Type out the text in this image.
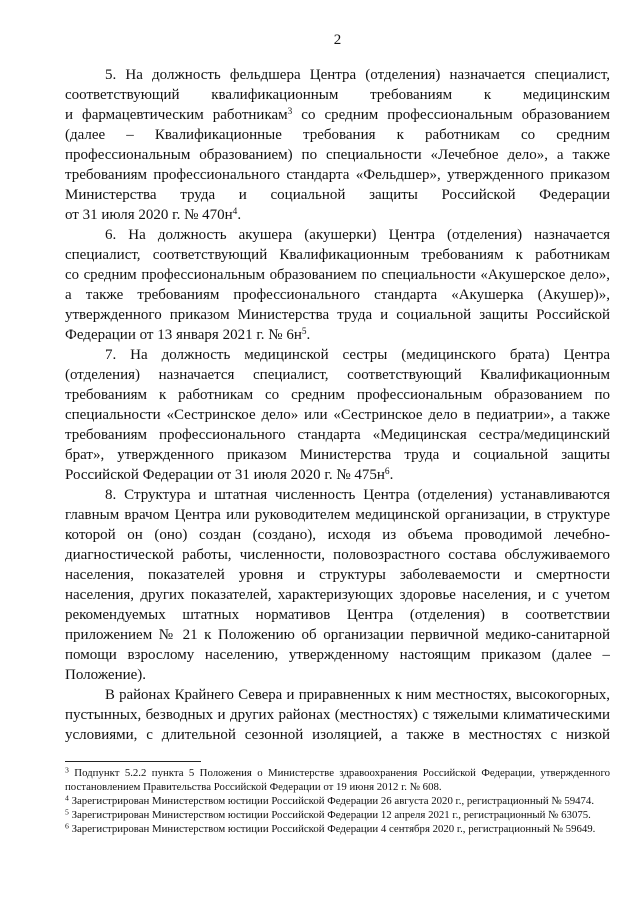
2
5. На должность фельдшера Центра (отделения) назначается специалист,
соответствующий квалификационным требованиям к медицинским
и фармацевтическим работникам$^3$ со средним профессиональным образованием
(далее – Квалификационные требования к работникам со средним
профессиональным образованием) по специальности «Лечебное дело», а также
требованиям профессионального стандарта «Фельдшер», утвержденного приказом
Министерства труда и социальной защиты Российской Федерации
от 31 июля 2020 г. № 470н$^4$.
6. На должность акушера (акушерки) Центра (отделения) назначается
специалист, соответствующий Квалификационным требованиям к работникам
со средним профессиональным образованием по специальности «Акушерское дело»,
а также требованиям профессионального стандарта «Акушерка (Акушер)»,
утвержденного приказом Министерства труда и социальной защиты Российской
Федерации от 13 января 2021 г. № 6н$^5$.
7. На должность медицинской сестры (медицинского брата) Центра
(отделения) назначается специалист, соответствующий Квалификационным
требованиям к работникам со средним профессиональным образованием по
специальности «Сестринское дело» или «Сестринское дело в педиатрии», а также
требованиям профессионального стандарта «Медицинская сестра/медицинский
брат», утвержденного приказом Министерства труда и социальной защиты
Российской Федерации от 31 июля 2020 г. № 475н$^6$.
8. Структура и штатная численность Центра (отделения) устанавливаются
главным врачом Центра или руководителем медицинской организации, в структуре
которой он (оно) создан (создано), исходя из объема проводимой лечебно-
диагностической работы, численности, половозрастного состава обслуживаемого
населения, показателей уровня и структуры заболеваемости и смертности
населения, других показателей, характеризующих здоровье населения, и с учетом
рекомендуемых штатных нормативов Центра (отделения) в соответствии
приложением № 21 к Положению об организации первичной медико-санитарной
помощи взрослому населению, утвержденному настоящим приказом (далее –
Положение).
В районах Крайнего Севера и приравненных к ним местностях, высокогорных,
пустынных, безводных и других районах (местностях) с тяжелыми климатическими
условиями, с длительной сезонной изоляцией, а также в местностях с низкой
$^3$ Подпункт 5.2.2 пункта 5 Положения о Министерстве здравоохранения Российской Федерации, утвержденного
постановлением Правительства Российской Федерации от 19 июня 2012 г. № 608.
$^4$ Зарегистрирован Министерством юстиции Российской Федерации 26 августа 2020 г., регистрационный № 59474.
$^5$ Зарегистрирован Министерством юстиции Российской Федерации 12 апреля 2021 г., регистрационный № 63075.
$^6$ Зарегистрирован Министерством юстиции Российской Федерации 4 сентября 2020 г., регистрационный № 59649.
